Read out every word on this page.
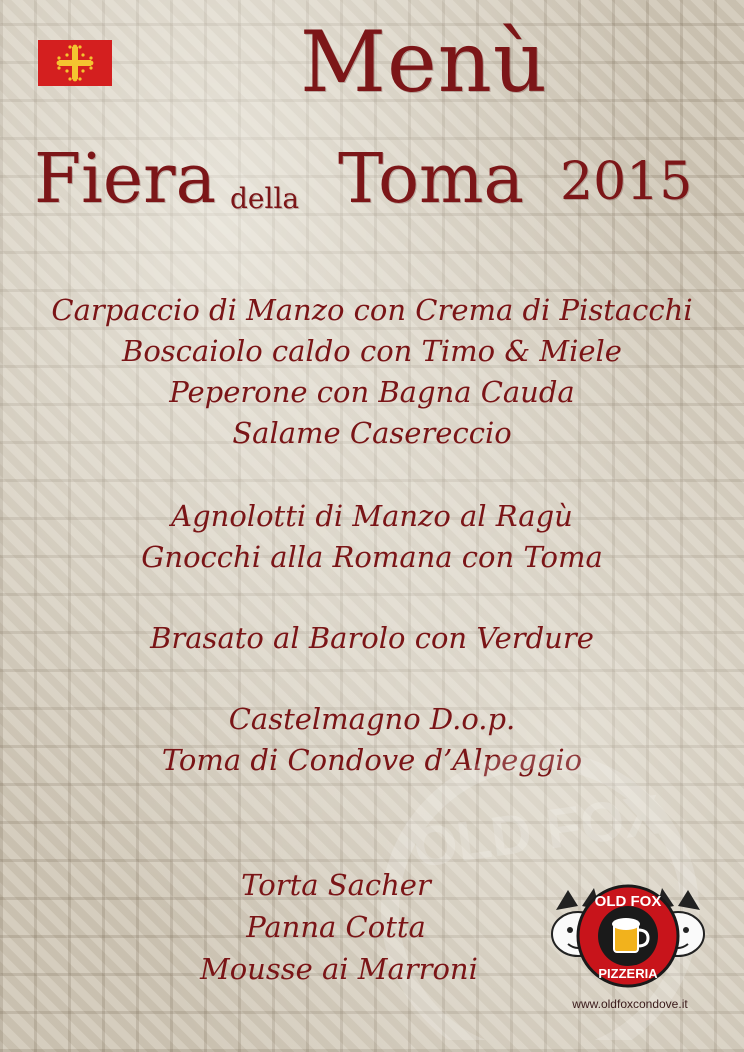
Menù
Fiera della Toma 2015
Carpaccio di Manzo con Crema di Pistacchi
Boscaiolo caldo con Timo & Miele
Peperone con Bagna Cauda
Salame Casereccio
Agnolotti di Manzo al Ragù
Gnocchi alla Romana con Toma
Brasato al Barolo con Verdure
Castelmagno D.o.p.
Toma di Condove d’Alpeggio
OLD FOX
Torta Sacher
Panna Cotta
Mousse ai Marroni
OLD FOX
PIZZERIA
www.oldfoxcondove.it
